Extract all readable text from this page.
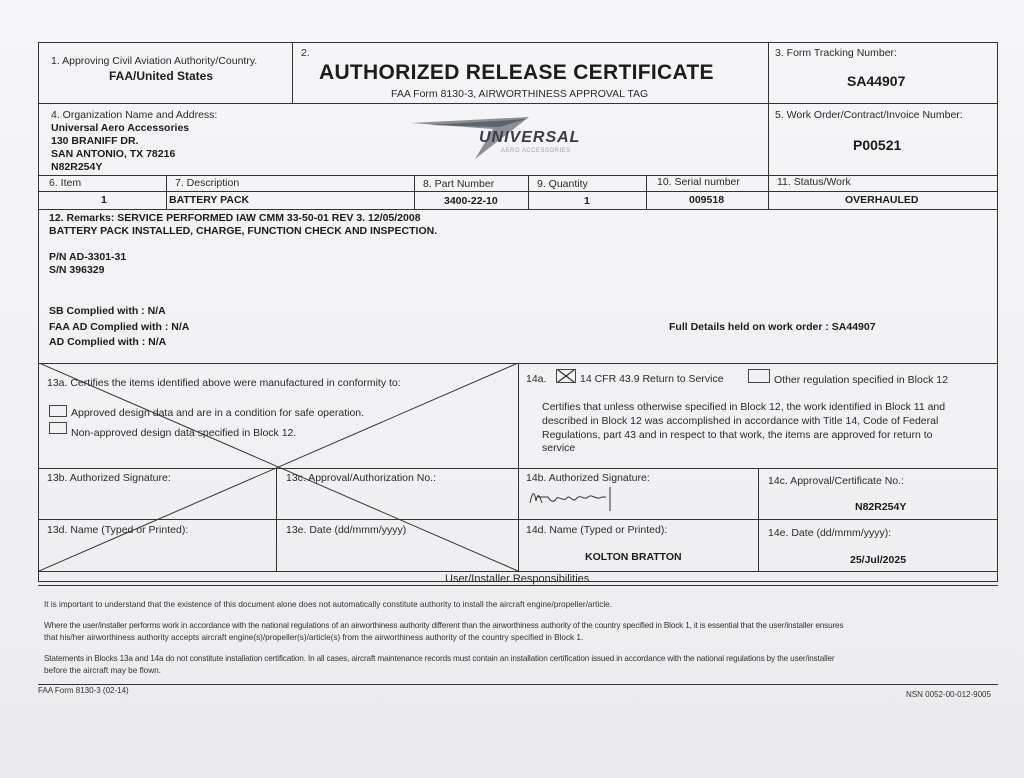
1. Approving Civil Aviation Authority/Country.
FAA/United States
2.
AUTHORIZED RELEASE CERTIFICATE
FAA Form 8130-3, AIRWORTHINESS APPROVAL TAG
3. Form Tracking Number:
SA44907
4. Organization Name and Address:
Universal Aero Accessories
130 BRANIFF DR.
SAN ANTONIO, TX 78216
N82R254Y
UNIVERSAL
AERO ACCESSORIES
5. Work Order/Contract/Invoice Number:
P00521
6. Item	7. Description	8. Part Number	9. Quantity	10. Serial number	11. Status/Work
1	BATTERY PACK	3400-22-10	1	009518	OVERHAULED
12. Remarks: SERVICE PERFORMED IAW CMM 33-50-01 REV 3. 12/05/2008
BATTERY PACK INSTALLED, CHARGE, FUNCTION CHECK AND INSPECTION.
P/N AD-3301-31
S/N 396329
SB Complied with : N/A
FAA AD Complied with : N/A
AD Complied with : N/A
Full Details held on work order : SA44907
13a. Certifies the items identified above were manufactured in conformity to:
Approved design data and are in a condition for safe operation.
Non-approved design data specified in Block 12.
14a.	14 CFR 43.9 Return to Service	Other regulation specified in Block 12
Certifies that unless otherwise specified in Block 12, the work identified in Block 11 and
described in Block 12 was accomplished in accordance with Title 14, Code of Federal
Regulations, part 43 and in respect to that work, the items are approved for return to
service
13b. Authorized Signature:	13c. Approval/Authorization No.:	14b. Authorized Signature:	14c. Approval/Certificate No.:
N82R254Y
13d. Name (Typed or Printed):	13e. Date (dd/mmm/yyyy)	14d. Name (Typed or Printed):
KOLTON BRATTON
14e. Date (dd/mmm/yyyy):
25/Jul/2025
User/Installer Responsibilities
It is important to understand that the existence of this document alone does not automatically constitute authority to install the aircraft engine/propeller/article.
Where the user/installer performs work in accordance with the national regulations of an airworthiness authority different than the airworthiness authority of the country specified in Block 1, it is essential that the user/installer ensures
that his/her airworthiness authority accepts aircraft engine(s)/propeller(s)/article(s) from the airworthiness authority of the country specified in Block 1.
Statements in Blocks 13a and 14a do not constitute installation certification. In all cases, aircraft maintenance records must contain an installation certification issued in accordance with the national regulations by the user/installer
before the aircraft may be flown.
FAA Form 8130-3 (02-14)	NSN 0052-00-012-9005
